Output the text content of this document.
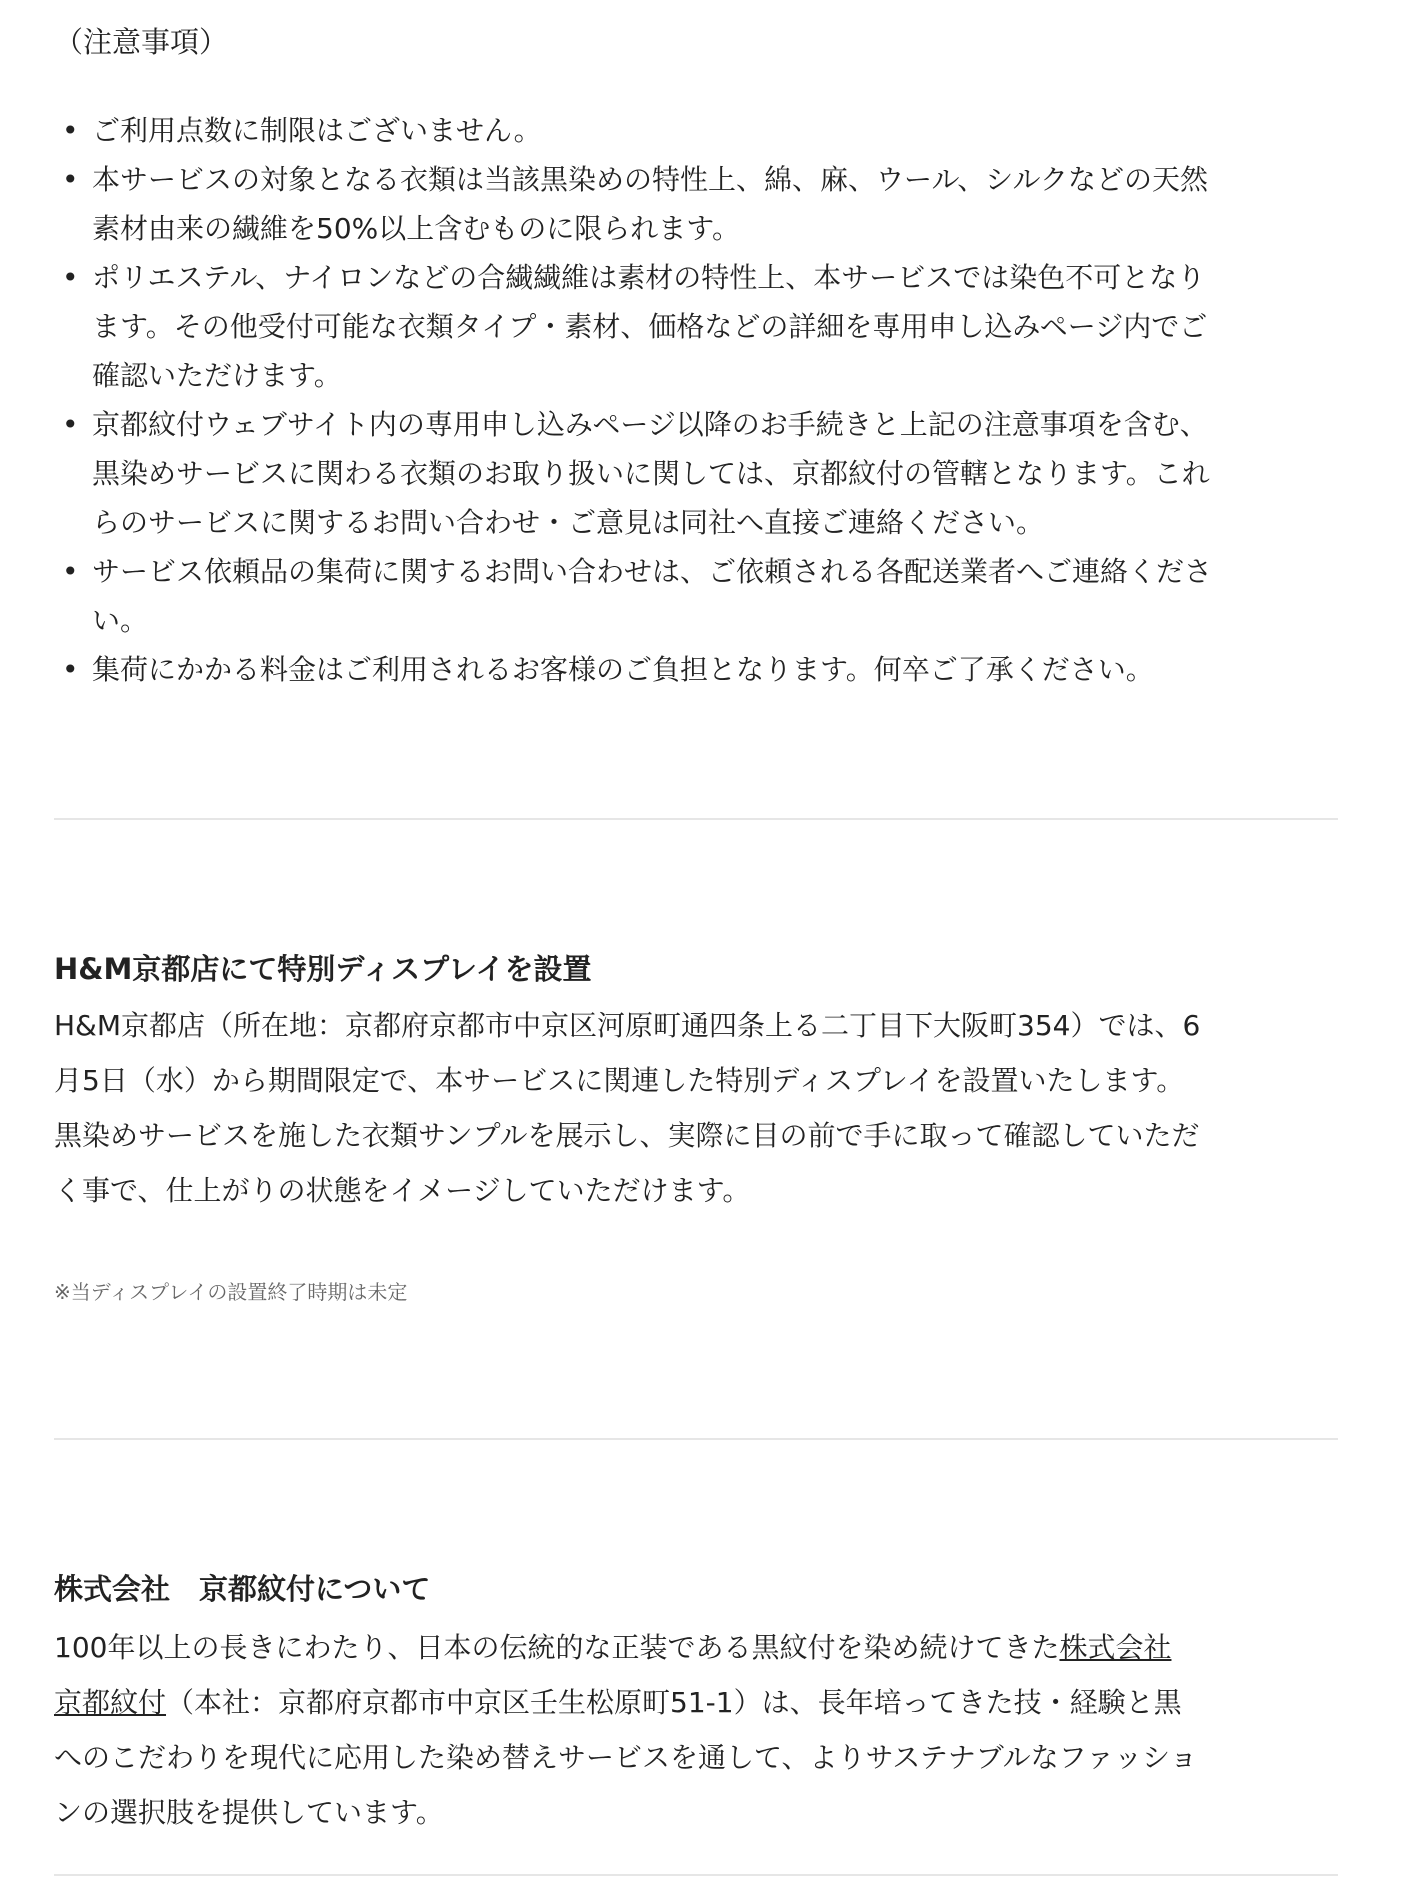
（注意事項）
• ご利用点数に制限はございません。
• 本サービスの対象となる衣類は当該黒染めの特性上、綿、麻、ウール、シルクなどの天然
素材由来の繊維を50%以上含むものに限られます。
• ポリエステル、ナイロンなどの合繊繊維は素材の特性上、本サービスでは染色不可となり
ます。その他受付可能な衣類タイプ・素材、価格などの詳細を専用申し込みページ内でご
確認いただけます。
• 京都紋付ウェブサイト内の専用申し込みページ以降のお手続きと上記の注意事項を含む、
黒染めサービスに関わる衣類のお取り扱いに関しては、京都紋付の管轄となります。これ
らのサービスに関するお問い合わせ・ご意見は同社へ直接ご連絡ください。
• サービス依頼品の集荷に関するお問い合わせは、ご依頼される各配送業者へご連絡くださ
い。
• 集荷にかかる料金はご利用されるお客様のご負担となります。何卒ご了承ください。
H&M京都店にて特別ディスプレイを設置
H&M京都店（所在地：京都府京都市中京区河原町通四条上る二丁目下大阪町354）では、6
月5日（水）から期間限定で、本サービスに関連した特別ディスプレイを設置いたします。
黒染めサービスを施した衣類サンプルを展示し、実際に目の前で手に取って確認していただ
く事で、仕上がりの状態をイメージしていただけます。
※当ディスプレイの設置終了時期は未定
株式会社　京都紋付について
100年以上の長きにわたり、日本の伝統的な正装である黒紋付を染め続けてきた株式会社
京都紋付（本社：京都府京都市中京区壬生松原町51-1）は、長年培ってきた技・経験と黒
へのこだわりを現代に応用した染め替えサービスを通して、よりサステナブルなファッショ
ンの選択肢を提供しています。
